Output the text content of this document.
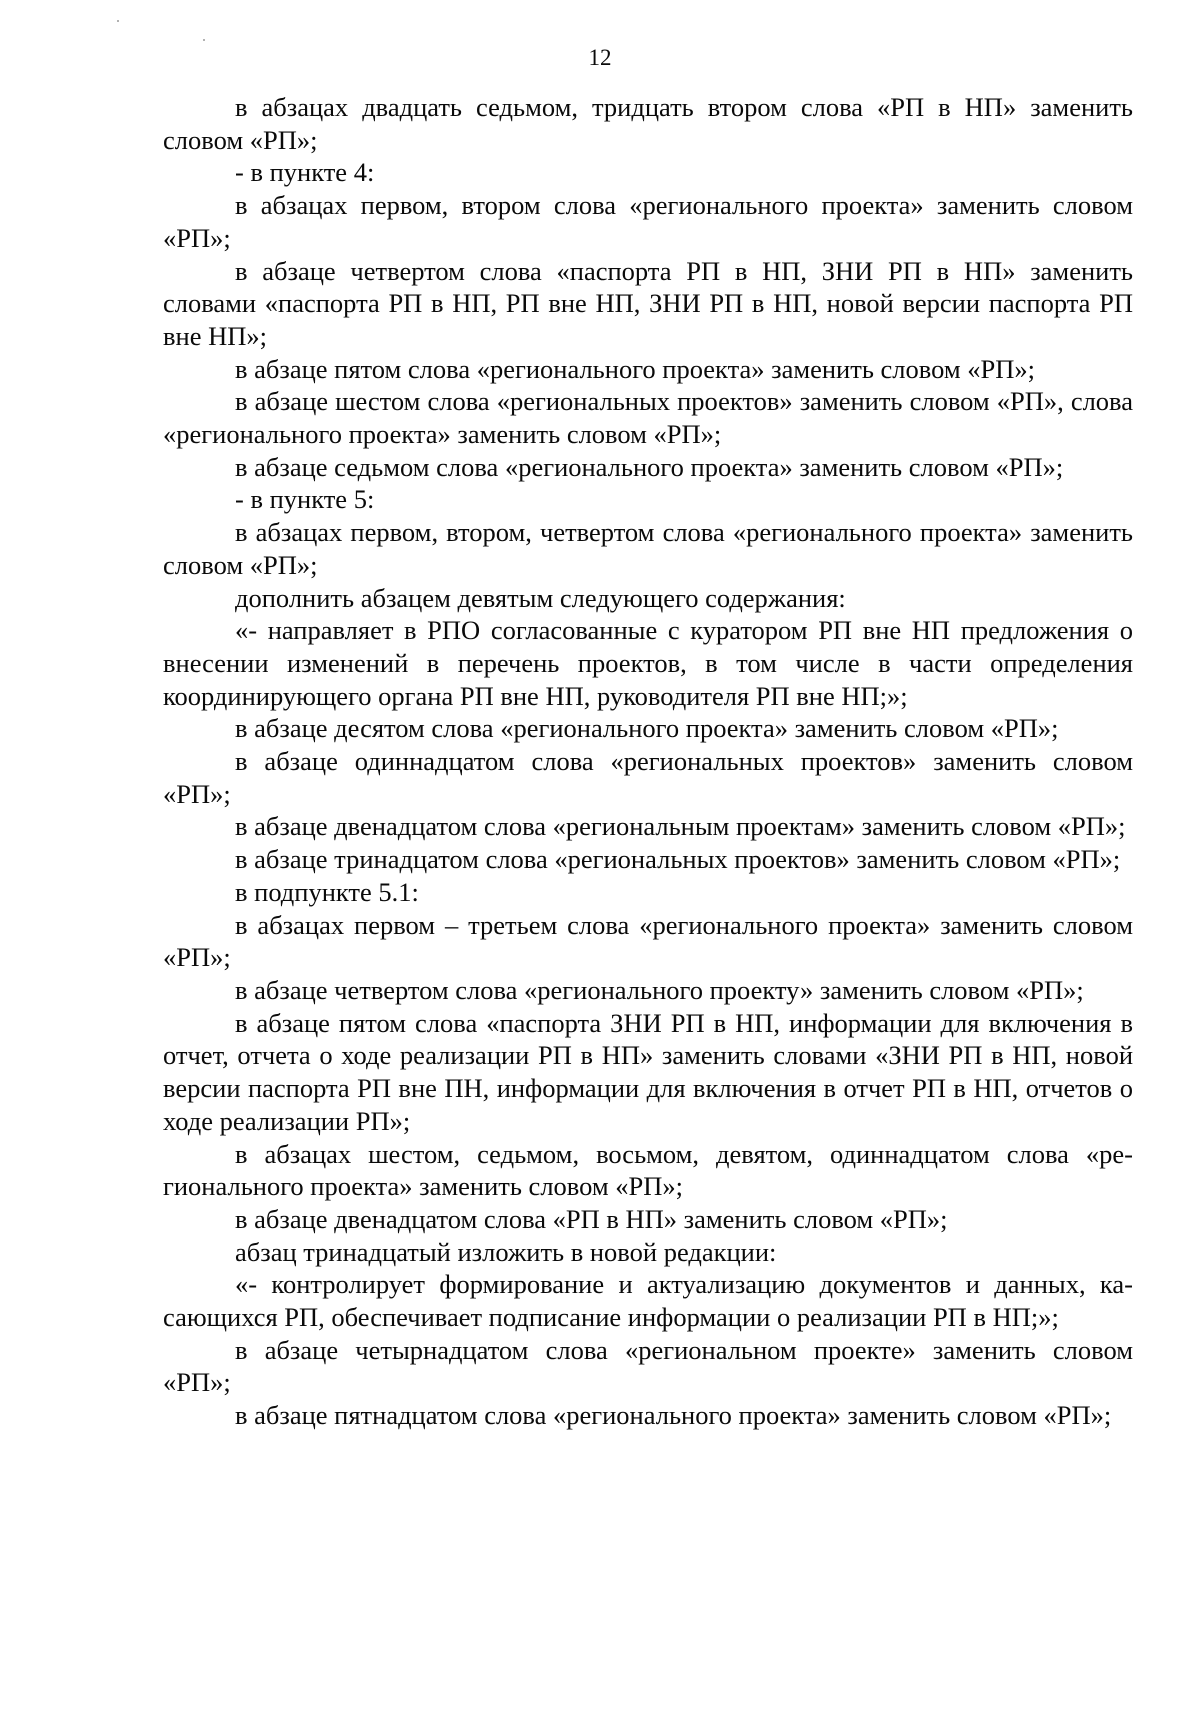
12

в абзацах двадцать седьмом, тридцать втором слова «РП в НП» заменить словом «РП»;

- в пункте 4:

в абзацах первом, втором слова «регионального проекта» заменить словом «РП»;

в абзаце четвертом слова «паспорта РП в НП, ЗНИ РП в НП» заменить словами «паспорта РП в НП, РП вне НП, ЗНИ РП в НП, новой версии паспорта РП вне НП»;

в абзаце пятом слова «регионального проекта» заменить словом «РП»;

в абзаце шестом слова «региональных проектов» заменить словом «РП», слова «регионального проекта» заменить словом «РП»;

в абзаце седьмом слова «регионального проекта» заменить словом «РП»;

- в пункте 5:

в абзацах первом, втором, четвертом слова «регионального проекта» заменить словом «РП»;

дополнить абзацем девятым следующего содержания:

«- направляет в РПО согласованные с куратором РП вне НП предложения о внесении изменений в перечень проектов, в том числе в части определения координирующего органа РП вне НП, руководителя РП вне НП;»;

в абзаце десятом слова «регионального проекта» заменить словом «РП»;

в абзаце одиннадцатом слова «региональных проектов» заменить словом «РП»;

в абзаце двенадцатом слова «региональным проектам» заменить словом «РП»;

в абзаце тринадцатом слова «региональных проектов» заменить словом «РП»;

в подпункте 5.1:

в абзацах первом – третьем слова «регионального проекта» заменить словом «РП»;

в абзаце четвертом слова «регионального проекту» заменить словом «РП»;

в абзаце пятом слова «паспорта ЗНИ РП в НП, информации для включения в отчет, отчета о ходе реализации РП в НП» заменить словами «ЗНИ РП в НП, новой версии паспорта РП вне ПН, информации для включения в отчет РП в НП, отчетов о ходе реализации РП»;

в абзацах шестом, седьмом, восьмом, девятом, одиннадцатом слова «регионального проекта» заменить словом «РП»;

в абзаце двенадцатом слова «РП в НП» заменить словом «РП»;

абзац тринадцатый изложить в новой редакции:

«- контролирует формирование и актуализацию документов и данных, касающихся РП, обеспечивает подписание информации о реализации РП в НП;»;

в абзаце четырнадцатом слова «региональном проекте» заменить словом «РП»;

в абзаце пятнадцатом слова «регионального проекта» заменить словом «РП»;
